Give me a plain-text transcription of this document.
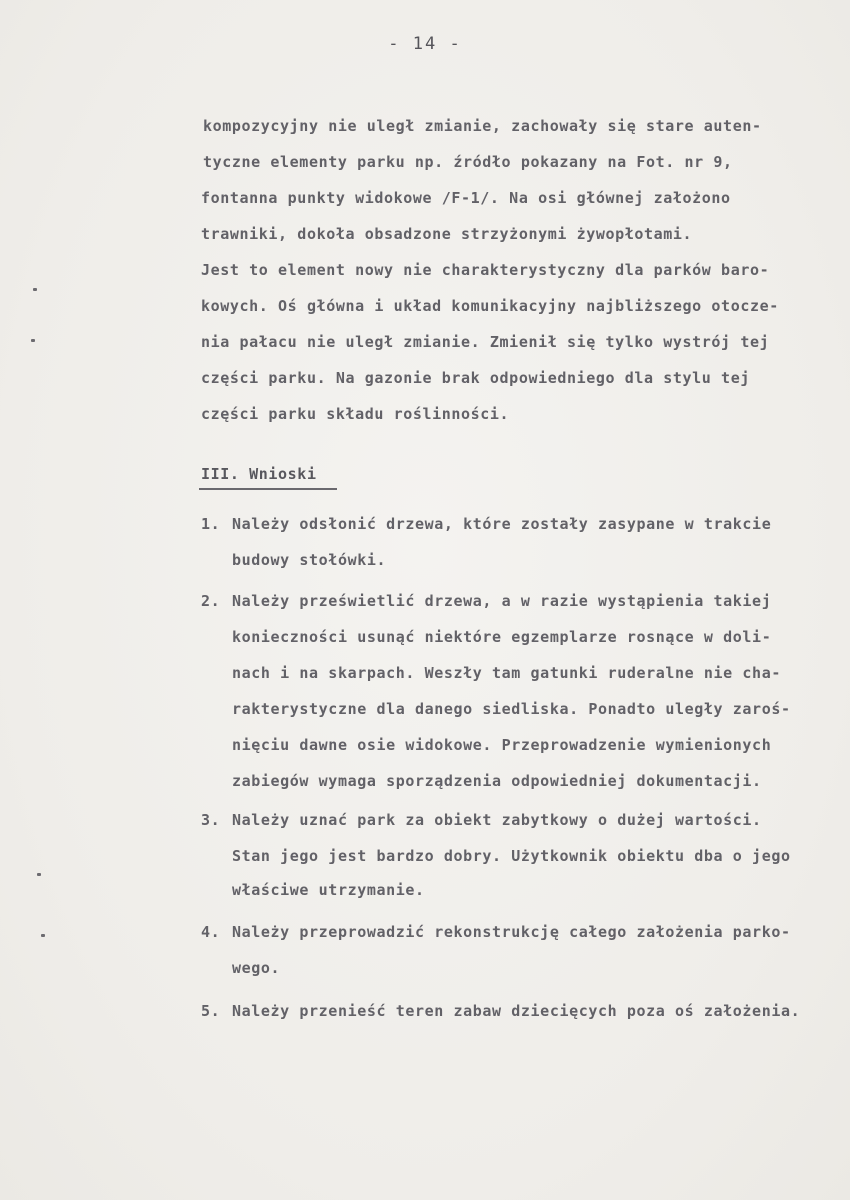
- 14 -
kompozycyjny nie uległ zmianie, zachowały się stare auten-
tyczne elementy parku np. źródło pokazany na Fot. nr 9,
fontanna punkty widokowe /F-1/. Na osi głównej założono
trawniki, dokoła obsadzone strzyżonymi żywopłotami.
Jest to element nowy nie charakterystyczny dla parków baro-
kowych. Oś główna i układ komunikacyjny najbliższego otocze-
nia pałacu nie uległ zmianie. Zmienił się tylko wystrój tej
części parku. Na gazonie brak odpowiedniego dla stylu tej
części parku składu roślinności.
III. Wnioski
1. Należy odsłonić drzewa, które zostały zasypane w trakcie
budowy stołówki.
2. Należy prześwietlić drzewa, a w razie wystąpienia takiej
konieczności usunąć niektóre egzemplarze rosnące w doli-
nach i na skarpach. Weszły tam gatunki ruderalne nie cha-
rakterystyczne dla danego siedliska. Ponadto uległy zaroś-
nięciu dawne osie widokowe. Przeprowadzenie wymienionych
zabiegów wymaga sporządzenia odpowiedniej dokumentacji.
3. Należy uznać park za obiekt zabytkowy o dużej wartości.
Stan jego jest bardzo dobry. Użytkownik obiektu dba o jego
właściwe utrzymanie.
4. Należy przeprowadzić rekonstrukcję całego założenia parko-
wego.
5. Należy przenieść teren zabaw dziecięcych poza oś założenia.
